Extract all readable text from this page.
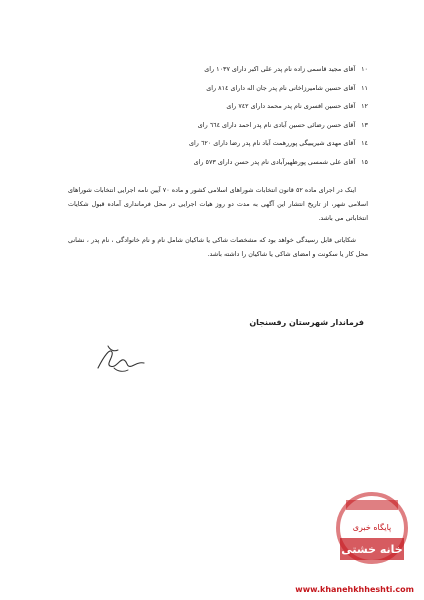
۱۰آقای مجید قاسمی زاده نام پدر علی اکبر دارای ۱۰۳۷ رای
۱۱آقای حسین شامیرزاخانی نام پدر جان اله دارای ۸۱٤ رای
۱۲آقای حسین افسری نام پدر محمد دارای ۷٤۲ رای
۱۳آقای حسن رضائی حسین آبادی نام پدر احمد دارای ٦٦٤ رای
۱٤آقای مهدی شیریبیگی پوررهمت آباد نام پدر رضا دارای ٦۲۰ رای
۱٥آقای علی شمسی پورظهیرآبادی نام پدر حسن دارای ٥۷۳ رای

اینک در اجرای ماده ٥۲ قانون انتخابات شوراهای اسلامی کشور و ماده ۷۰ آیین نامه اجرایی انتخابات شوراهای اسلامی شهر، از تاریخ انتشار این آگهی به مدت دو روز هیات اجرایی در محل فرمانداری آماده قبول شکایات انتخاباتی می باشد.

شکایاتی قابل رسیدگی خواهد بود که مشخصات شاکی یا شاکیان شامل نام و نام خانوادگی ، نام پدر ، نشانی محل کار یا سکونت و امضای شاکی یا شاکیان را داشته باشد.

فرماندار شهرستان رفسنجان
پایگاه خبری
خانه خشتی
www.khanehkhheshti.com
